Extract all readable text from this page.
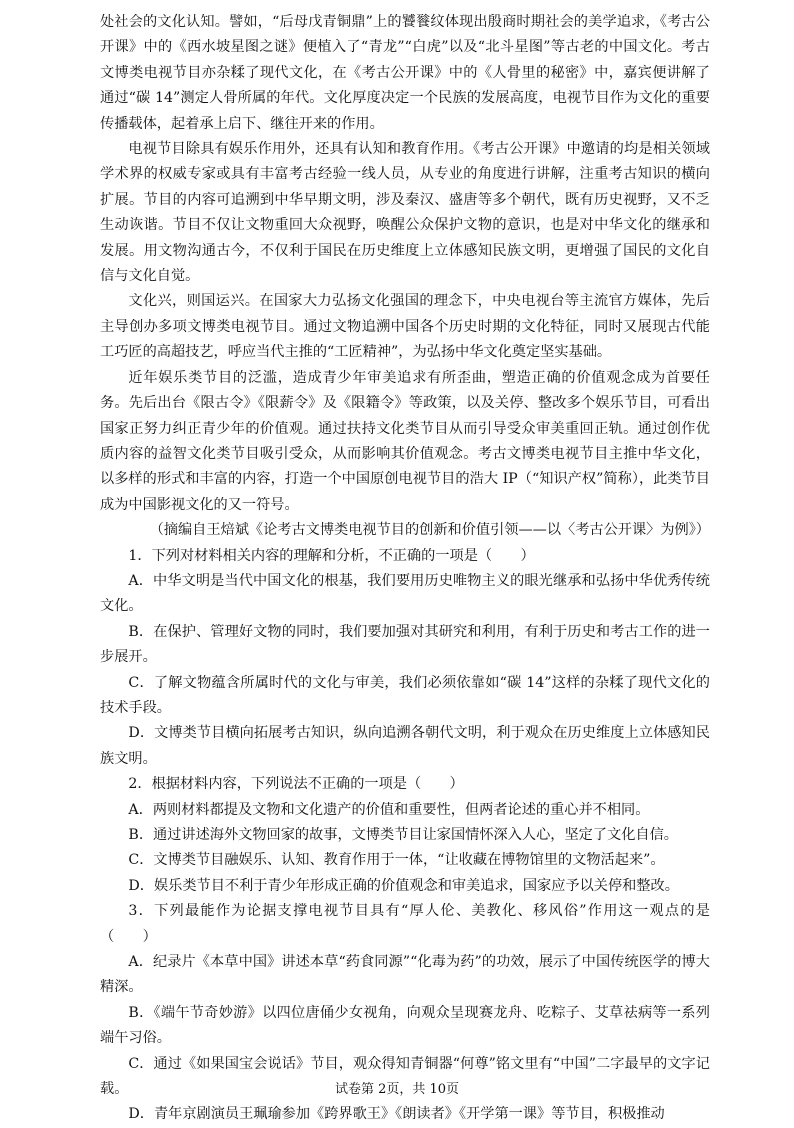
处社会的文化认知。譬如，“后母戊青铜鼎”上的饕餮纹体现出殷商时期社会的美学追求，《考古公开课》中的《西水坡星图之谜》便植入了“青龙”“白虎”以及“北斗星图”等古老的中国文化。考古文博类电视节目亦杂糅了现代文化，在《考古公开课》中的《人骨里的秘密》中，嘉宾便讲解了通过“碳 14”测定人骨所属的年代。文化厚度决定一个民族的发展高度，电视节目作为文化的重要传播载体，起着承上启下、继往开来的作用。

电视节目除具有娱乐作用外，还具有认知和教育作用。《考古公开课》中邀请的均是相关领域学术界的权威专家或具有丰富考古经验一线人员，从专业的角度进行讲解，注重考古知识的横向扩展。节目的内容可追溯到中华早期文明，涉及秦汉、盛唐等多个朝代，既有历史视野，又不乏生动诙谐。节目不仅让文物重回大众视野，唤醒公众保护文物的意识，也是对中华文化的继承和发展。用文物沟通古今，不仅利于国民在历史维度上立体感知民族文明，更增强了国民的文化自信与文化自觉。

文化兴，则国运兴。在国家大力弘扬文化强国的理念下，中央电视台等主流官方媒体，先后主导创办多项文博类电视节目。通过文物追溯中国各个历史时期的文化特征，同时又展现古代能工巧匠的高超技艺，呼应当代主推的“工匠精神”，为弘扬中华文化奠定坚实基础。

近年娱乐类节目的泛滥，造成青少年审美追求有所歪曲，塑造正确的价值观念成为首要任务。先后出台《限古令》《限薪令》及《限籍令》等政策，以及关停、整改多个娱乐节目，可看出国家正努力纠正青少年的价值观。通过扶持文化类节目从而引导受众审美重回正轨。通过创作优质内容的益智文化类节目吸引受众，从而影响其价值观念。考古文博类电视节目主推中华文化，以多样的形式和丰富的内容，打造一个中国原创电视节目的浩大 IP（“知识产权”简称），此类节目成为中国影视文化的又一符号。

（摘编自王焙斌《论考古文博类电视节目的创新和价值引领——以〈考古公开课〉为例》）

1．下列对材料相关内容的理解和分析，不正确的一项是（　　）

A．中华文明是当代中国文化的根基，我们要用历史唯物主义的眼光继承和弘扬中华优秀传统文化。

B．在保护、管理好文物的同时，我们要加强对其研究和利用，有利于历史和考古工作的进一步展开。

C．了解文物蕴含所属时代的文化与审美，我们必须依靠如“碳 14”这样的杂糅了现代文化的技术手段。

D．文博类节目横向拓展考古知识，纵向追溯各朝代文明，利于观众在历史维度上立体感知民族文明。

2．根据材料内容，下列说法不正确的一项是（　　）

A．两则材料都提及文物和文化遗产的价值和重要性，但两者论述的重心并不相同。

B．通过讲述海外文物回家的故事，文博类节目让家国情怀深入人心，坚定了文化自信。

C．文博类节目融娱乐、认知、教育作用于一体，“让收藏在博物馆里的文物活起来”。

D．娱乐类节目不利于青少年形成正确的价值观念和审美追求，国家应予以关停和整改。

3．下列最能作为论据支撑电视节目具有“厚人伦、美教化、移风俗”作用这一观点的是（　　）

A．纪录片《本草中国》讲述本草“药食同源”“化毒为药”的功效，展示了中国传统医学的博大精深。

B．《端午节奇妙游》以四位唐俑少女视角，向观众呈现赛龙舟、吃粽子、艾草祛病等一系列端午习俗。

C．通过《如果国宝会说话》节目，观众得知青铜器“何尊”铭文里有“中国”二字最早的文字记载。

D．青年京剧演员王珮瑜参加《跨界歌王》《朗读者》《开学第一课》等节目，积极推动

试卷第 2页，共 10页
